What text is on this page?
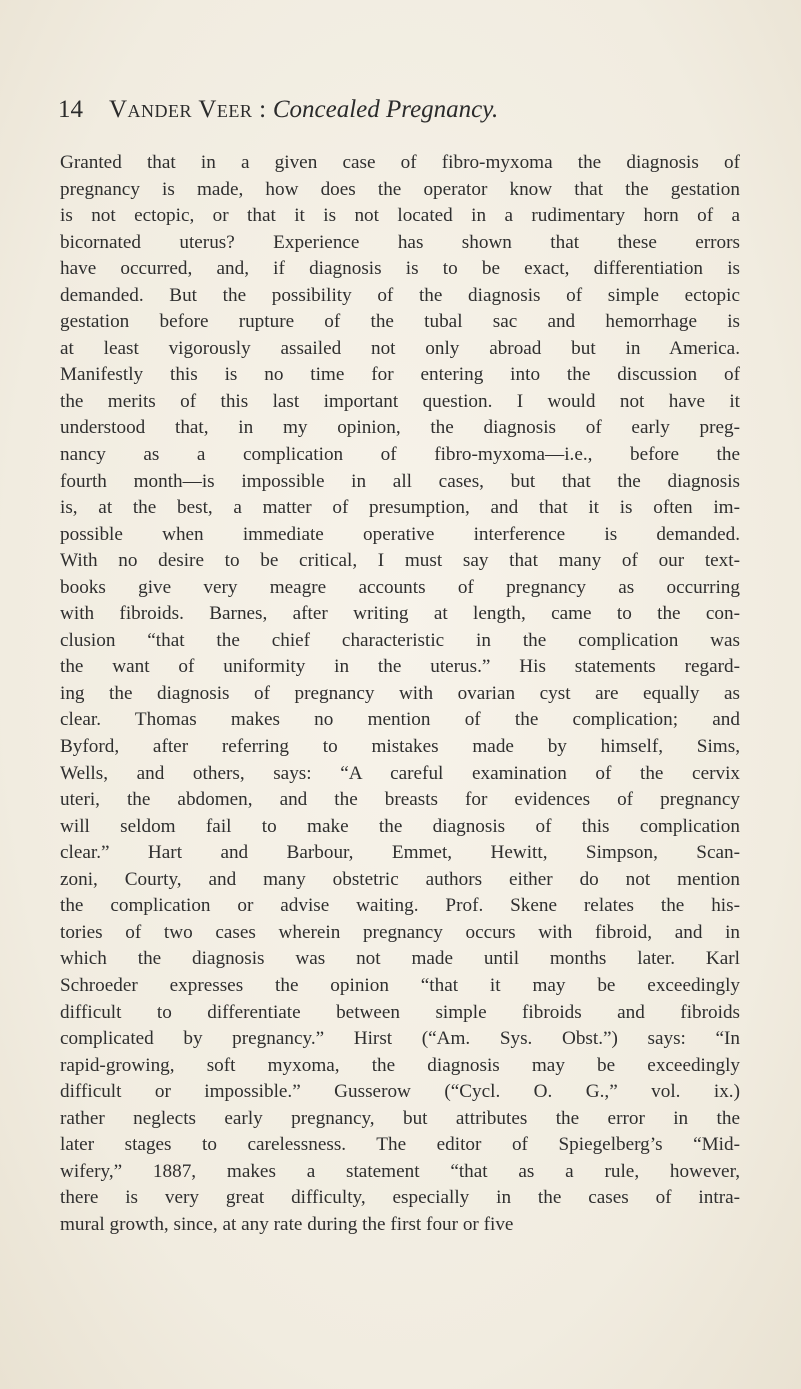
14 Vander Veer : Concealed Pregnancy.
Granted that in a given case of fibro-myxoma the diagnosis of
pregnancy is made, how does the operator know that the gestation
is not ectopic, or that it is not located in a rudimentary horn of a
bicornated uterus? Experience has shown that these errors
have occurred, and, if diagnosis is to be exact, differentiation is
demanded. But the possibility of the diagnosis of simple ectopic
gestation before rupture of the tubal sac and hemorrhage is
at least vigorously assailed not only abroad but in America.
Manifestly this is no time for entering into the discussion of
the merits of this last important question. I would not have it
understood that, in my opinion, the diagnosis of early preg-
nancy as a complication of fibro-myxoma—i.e., before the
fourth month—is impossible in all cases, but that the diagnosis
is, at the best, a matter of presumption, and that it is often im-
possible when immediate operative interference is demanded.
With no desire to be critical, I must say that many of our text-
books give very meagre accounts of pregnancy as occurring
with fibroids. Barnes, after writing at length, came to the con-
clusion “that the chief characteristic in the complication was
the want of uniformity in the uterus.” His statements regard-
ing the diagnosis of pregnancy with ovarian cyst are equally as
clear. Thomas makes no mention of the complication; and
Byford, after referring to mistakes made by himself, Sims,
Wells, and others, says: “A careful examination of the cervix
uteri, the abdomen, and the breasts for evidences of pregnancy
will seldom fail to make the diagnosis of this complication
clear.” Hart and Barbour, Emmet, Hewitt, Simpson, Scan-
zoni, Courty, and many obstetric authors either do not mention
the complication or advise waiting. Prof. Skene relates the his-
tories of two cases wherein pregnancy occurs with fibroid, and in
which the diagnosis was not made until months later. Karl
Schroeder expresses the opinion “that it may be exceedingly
difficult to differentiate between simple fibroids and fibroids
complicated by pregnancy.” Hirst (“Am. Sys. Obst.”) says: “In
rapid-growing, soft myxoma, the diagnosis may be exceedingly
difficult or impossible.” Gusserow (“Cycl. O. G.,” vol. ix.)
rather neglects early pregnancy, but attributes the error in the
later stages to carelessness. The editor of Spiegelberg’s “Mid-
wifery,” 1887, makes a statement “that as a rule, however,
there is very great difficulty, especially in the cases of intra-
mural growth, since, at any rate during the first four or five
